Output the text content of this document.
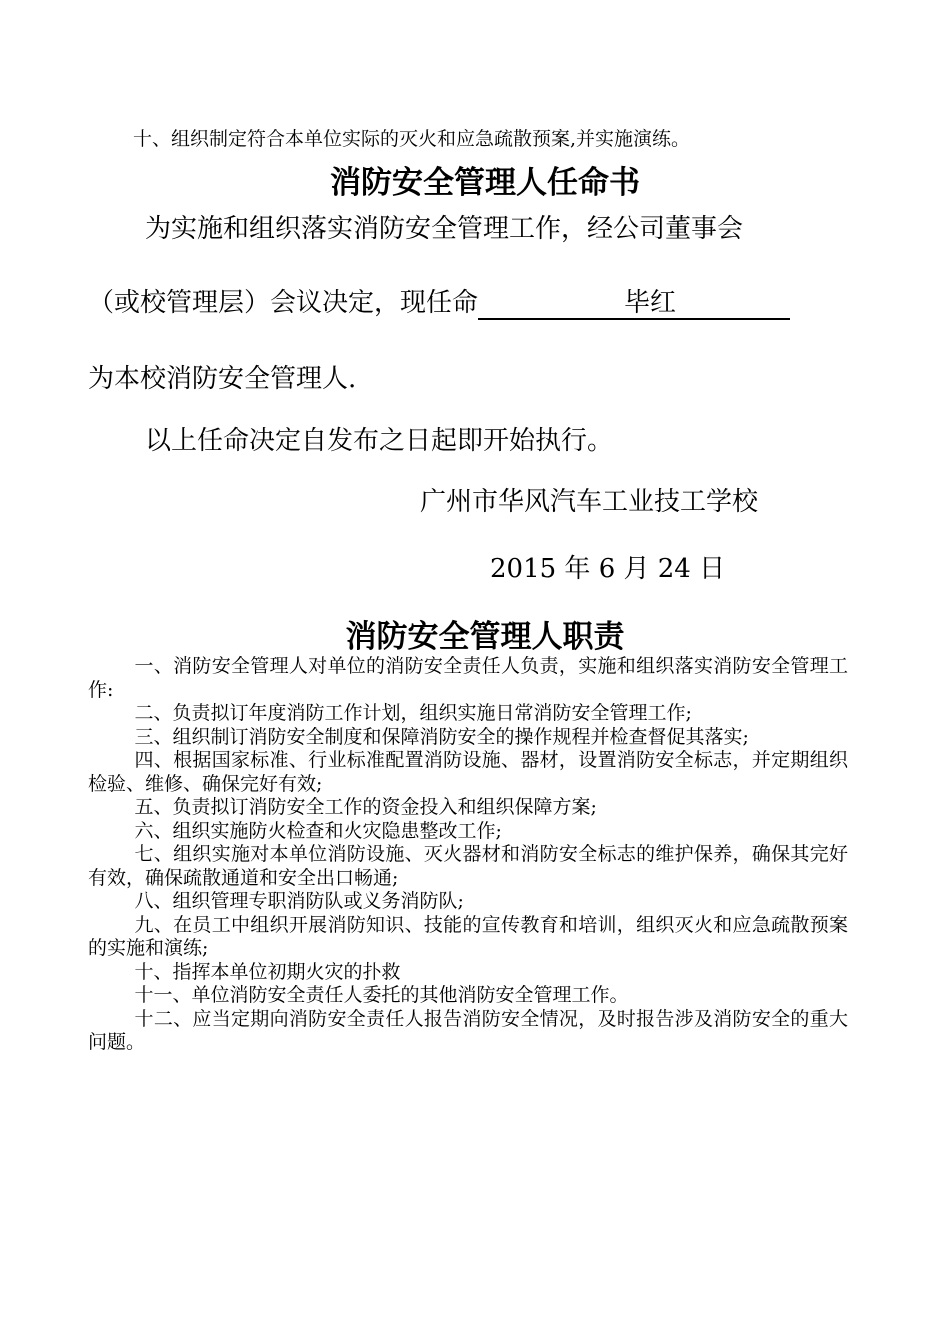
十、组织制定符合本单位实际的灭火和应急疏散预案,并实施演练。

消防安全管理人任命书

为实施和组织落实消防安全管理工作，经公司董事会

（或校管理层）会议决定，现任命	毕红

为本校消防安全管理人.

以上任命决定自发布之日起即开始执行。

广州市华风汽车工业技工学校

2015 年 6 月 24 日

消防安全管理人职责

一、消防安全管理人对单位的消防安全责任人负责，实施和组织落实消防安全管理工作:

二、负责拟订年度消防工作计划，组织实施日常消防安全管理工作;

三、组织制订消防安全制度和保障消防安全的操作规程并检查督促其落实;

四、根据国家标准、行业标准配置消防设施、器材，设置消防安全标志，并定期组织检验、维修、确保完好有效;

五、负责拟订消防安全工作的资金投入和组织保障方案;

六、组织实施防火检查和火灾隐患整改工作;

七、组织实施对本单位消防设施、灭火器材和消防安全标志的维护保养，确保其完好有效，确保疏散通道和安全出口畅通;

八、组织管理专职消防队或义务消防队;

九、在员工中组织开展消防知识、技能的宣传教育和培训，组织灭火和应急疏散预案的实施和演练;

十、指挥本单位初期火灾的扑救

十一、单位消防安全责任人委托的其他消防安全管理工作。

十二、应当定期向消防安全责任人报告消防安全情况，及时报告涉及消防安全的重大问题。
